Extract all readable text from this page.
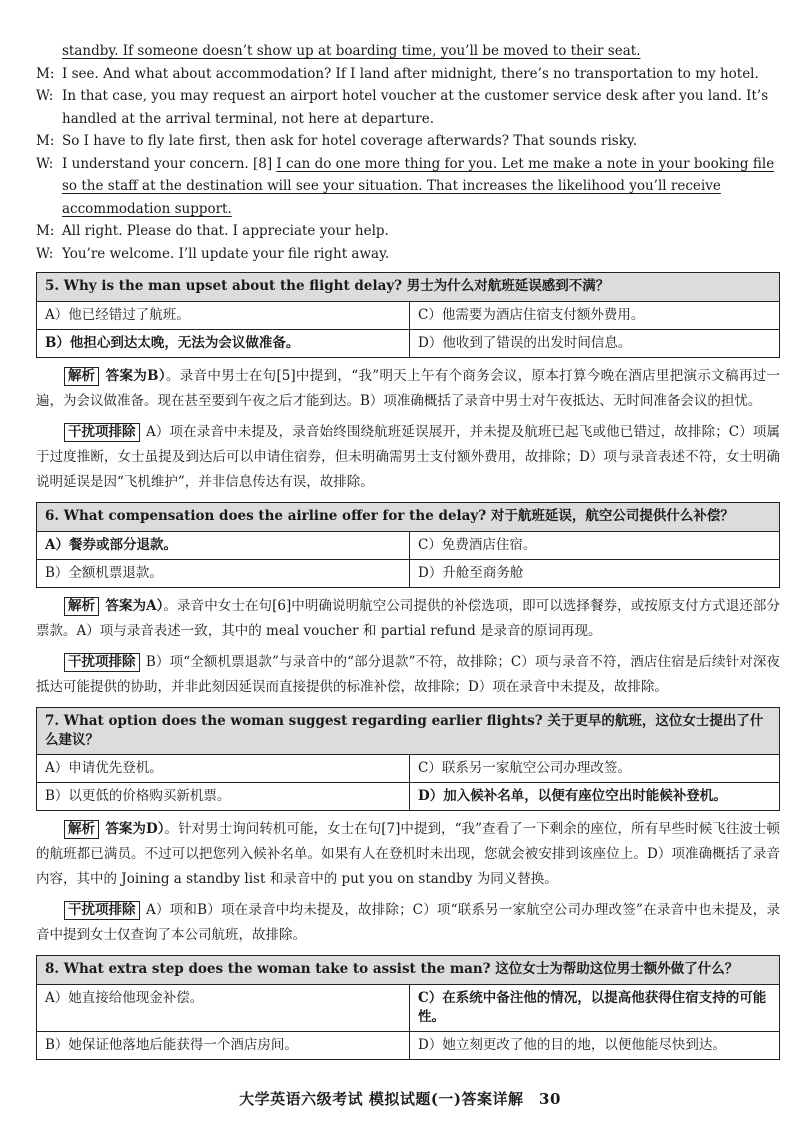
standby. If someone doesn’t show up at boarding time, you’ll be moved to their seat.
M: I see. And what about accommodation? If I land after midnight, there’s no transportation to my hotel.
W: In that case, you may request an airport hotel voucher at the customer service desk after you land. It’s handled at the arrival terminal, not here at departure.
M: So I have to fly late first, then ask for hotel coverage afterwards? That sounds risky.
W: I understand your concern. [8] I can do one more thing for you. Let me make a note in your booking file so the staff at the destination will see your situation. That increases the likelihood you’ll receive accommodation support.
M: All right. Please do that. I appreciate your help.
W: You’re welcome. I’ll update your file right away.
5. Why is the man upset about the flight delay? 男士为什么对航班延误感到不满？	
A）他已经错过了航班。	C）他需要为酒店住宿支付额外费用。
B）他担心到达太晚，无法为会议做准备。	D）他收到了错误的出发时间信息。

解析 答案为B）。录音中男士在句[5]中提到，“我”明天上午有个商务会议，原本打算今晚在酒店里把演示文稿再过一遍，为会议做准备。现在甚至要到午夜之后才能到达。B）项准确概括了录音中男士对午夜抵达、无时间准备会议的担忧。

干扰项排除 A）项在录音中未提及，录音始终围绕航班延误展开，并未提及航班已起飞或他已错过，故排除；C）项属于过度推断，女士虽提及到达后可以申请住宿券，但未明确需男士支付额外费用，故排除；D）项与录音表述不符，女士明确说明延误是因“飞机维护”，并非信息传达有误，故排除。

6. What compensation does the airline offer for the delay? 对于航班延误，航空公司提供什么补偿？	
A）餐券或部分退款。	C）免费酒店住宿。
B）全额机票退款。	D）升舱至商务舱

解析 答案为A）。录音中女士在句[6]中明确说明航空公司提供的补偿选项，即可以选择餐券，或按原支付方式退还部分票款。A）项与录音表述一致，其中的 meal voucher 和 partial refund 是录音的原词再现。

干扰项排除 B）项“全额机票退款”与录音中的“部分退款”不符，故排除；C）项与录音不符，酒店住宿是后续针对深夜抵达可能提供的协助，并非此刻因延误而直接提供的标准补偿，故排除；D）项在录音中未提及，故排除。

7. What option does the woman suggest regarding earlier flights? 关于更早的航班，这位女士提出了什么建议？	
A）申请优先登机。	C）联系另一家航空公司办理改签。
B）以更低的价格购买新机票。	D）加入候补名单，以便有座位空出时能候补登机。

解析 答案为D）。针对男士询问转机可能，女士在句[7]中提到，“我”查看了一下剩余的座位，所有早些时候飞往波士顿的航班都已满员。不过可以把您列入候补名单。如果有人在登机时未出现，您就会被安排到该座位上。D）项准确概括了录音内容，其中的 Joining a standby list 和录音中的 put you on standby 为同义替换。

干扰项排除 A）项和B）项在录音中均未提及，故排除；C）项“联系另一家航空公司办理改签”在录音中也未提及，录音中提到女士仅查询了本公司航班，故排除。

8. What extra step does the woman take to assist the man? 这位女士为帮助这位男士额外做了什么？	
A）她直接给他现金补偿。	C）在系统中备注他的情况，以提高他获得住宿支持的可能性。
B）她保证他落地后能获得一个酒店房间。	D）她立刻更改了他的目的地，以便他能尽快到达。
大学英语六级考试 模拟试题(一)答案详解　30
